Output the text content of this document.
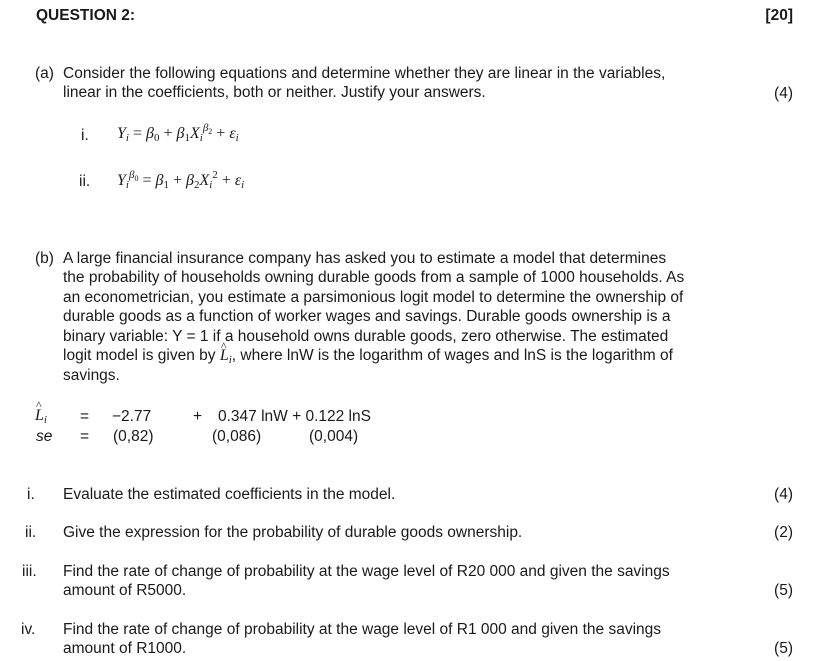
QUESTION 2:	[20]
(a) Consider the following equations and determine whether they are linear in the variables,
linear in the coefficients, both or neither. Justify your answers.	(4)
i. $Y_i = \beta_0 + \beta_1X_i^{\beta_2} + \varepsilon_i$
ii. $Y_i^{\beta_0} = \beta_1 + \beta_2X_i^2 + \varepsilon_i$
(b) A large financial insurance company has asked you to estimate a model that determines
the probability of households owning durable goods from a sample of 1000 households. As
an econometrician, you estimate a parsimonious logit model to determine the ownership of
durable goods as a function of worker wages and savings. Durable goods ownership is a
binary variable: Y = 1 if a household owns durable goods, zero otherwise. The estimated
logit model is given by ^ $L_i$, where lnW is the logarithm of wages and lnS is the logarithm of
savings.
^ $L_i = -2.77$	+ 0.347 lnW + 0.122 lnS
se = (0,82)	(0,086)	(0,004)
i. Evaluate the estimated coefficients in the model.	(4)
ii. Give the expression for the probability of durable goods ownership.	(2)
iii. Find the rate of change of probability at the wage level of R20 000 and given the savings
amount of R5000.	(5)
iv. Find the rate of change of probability at the wage level of R1 000 and given the savings
amount of R1000.	(5)
